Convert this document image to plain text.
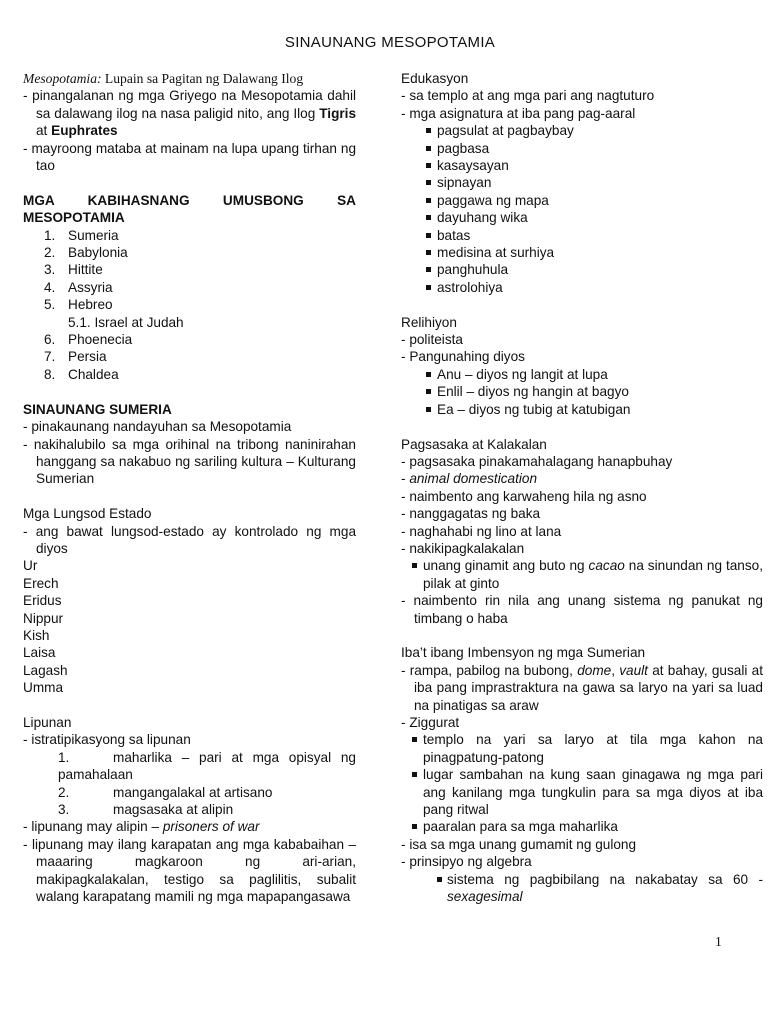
SINAUNANG MESOPOTAMIA

Mesopotamia: Lupain sa Pagitan ng Dalawang Ilog

- pinangalanan ng mga Griyego na Mesopotamia dahil sa dalawang ilog na nasa paligid nito, ang Ilog Tigris at Euphrates

- mayroong mataba at mainam na lupa upang tirhan ng tao

MGA KABIHASNANG UMUSBONG SA

MESOPOTAMIA

1. Sumeria

2. Babylonia

3. Hittite

4. Assyria

5. Hebreo

5.1. Israel at Judah

6. Phoenecia

7. Persia

8. Chaldea

SINAUNANG SUMERIA

- pinakaunang nandayuhan sa Mesopotamia

- nakihalubilo sa mga orihinal na tribong naninirahan hanggang sa nakabuo ng sariling kultura – Kulturang Sumerian

Mga Lungsod Estado

- ang bawat lungsod-estado ay kontrolado ng mga diyos

Ur

Erech

Eridus

Nippur

Kish

Laisa

Lagash

Umma

Lipunan

- istratipikasyong sa lipunan

1.	maharlika – pari at mga opisyal ng pamahalaan

2.	mangangalakal at artisano

3.	magsasaka at alipin

- lipunang may alipin – prisoners of war

- lipunang may ilang karapatan ang mga kababaihan – maaaring magkaroon ng ari-arian, makipagkalakalan, testigo sa paglilitis, subalit walang karapatang mamili ng mga mapapangasawa

Edukasyon

- sa templo at ang mga pari ang nagtuturo

- mga asignatura at iba pang pag-aaral

pagsulat at pagbaybay

pagbasa

kasaysayan

sipnayan

paggawa ng mapa

dayuhang wika

batas

medisina at surhiya

panghuhula

astrolohiya

Relihiyon

- politeista

- Pangunahing diyos

Anu – diyos ng langit at lupa

Enlil – diyos ng hangin at bagyo

Ea – diyos ng tubig at katubigan

Pagsasaka at Kalakalan

- pagsasaka pinakamahalagang hanapbuhay

- animal domestication

- naimbento ang karwaheng hila ng asno

- nanggagatas ng baka

- naghahabi ng lino at lana

- nakikipagkalakalan

unang ginamit ang buto ng cacao na sinundan ng tanso, pilak at ginto

- naimbento rin nila ang unang sistema ng panukat ng timbang o haba

Iba’t ibang Imbensyon ng mga Sumerian

- rampa, pabilog na bubong, dome, vault at bahay, gusali at iba pang imprastraktura na gawa sa laryo na yari sa luad na pinatigas sa araw

- Ziggurat

templo na yari sa laryo at tila mga kahon na pinagpatung-patong

lugar sambahan na kung saan ginagawa ng mga pari ang kanilang mga tungkulin para sa mga diyos at iba pang ritwal

paaralan para sa mga maharlika

- isa sa mga unang gumamit ng gulong

- prinsipyo ng algebra

sistema ng pagbibilang na nakabatay sa 60 - sexagesimal

1
